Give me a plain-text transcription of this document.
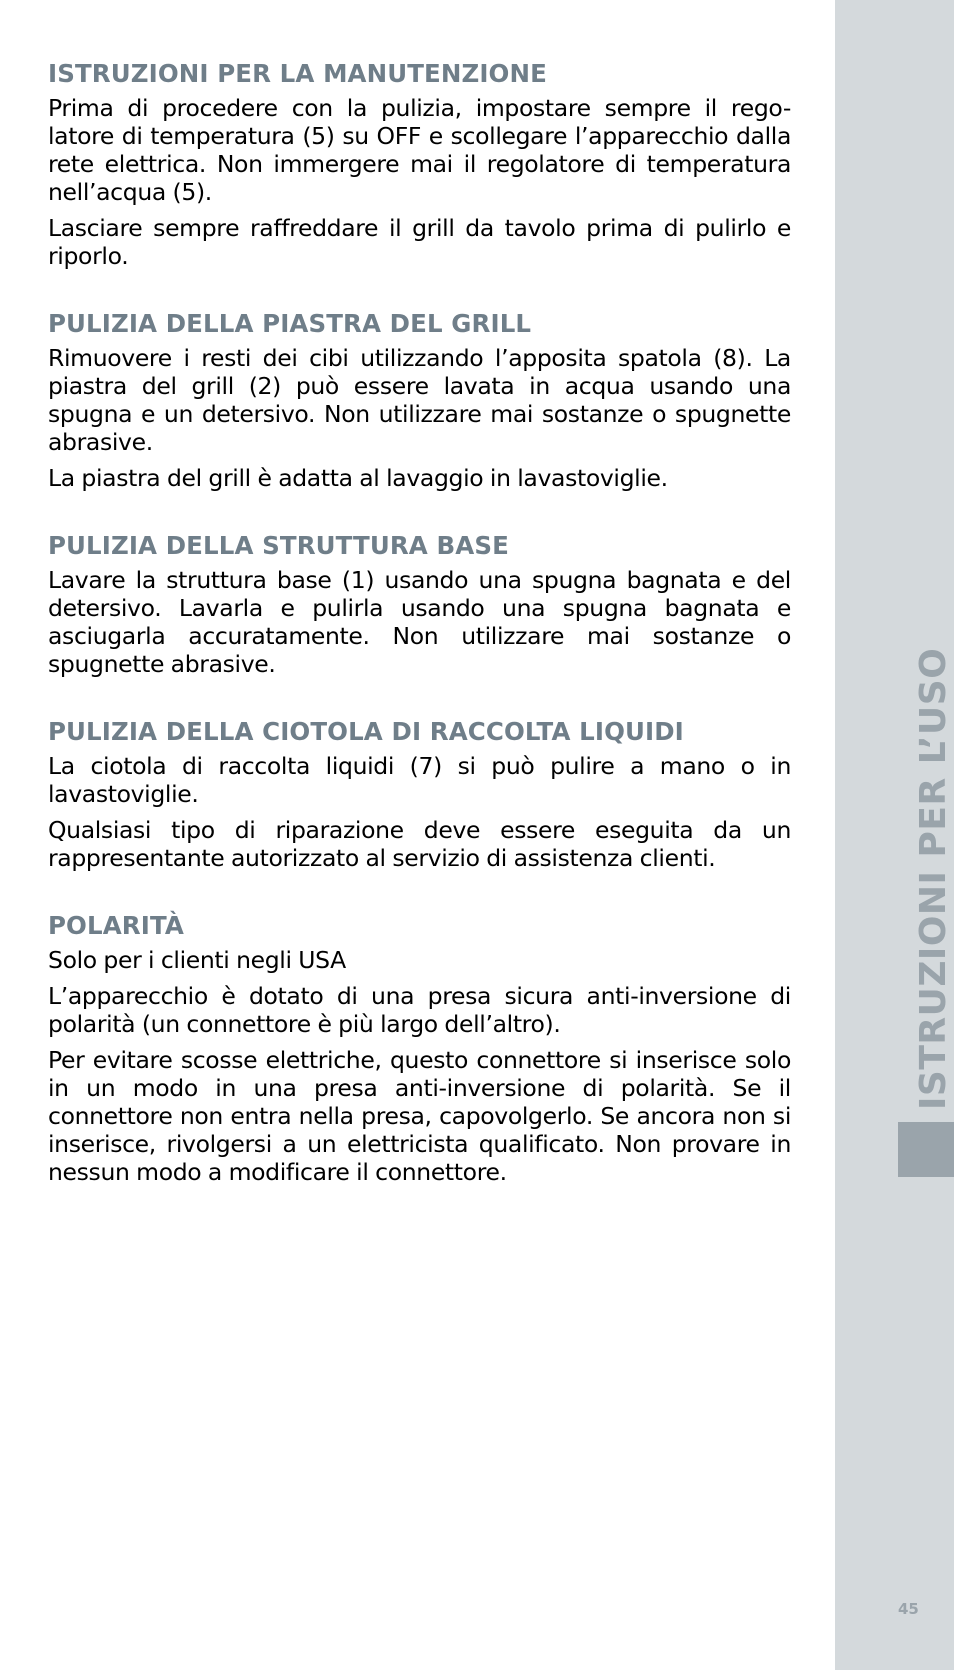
ISTRUZIONI PER LA MANUTENZIONE

Prima di procedere con la pulizia, impostare sempre il rego-latore di temperatura (5) su OFF e scollegare l’apparecchio dalla rete elettrica. Non immergere mai il regolatore di temperatura nell’acqua (5).

Lasciare sempre raffreddare il grill da tavolo prima di pulirlo e riporlo.

PULIZIA DELLA PIASTRA DEL GRILL

Rimuovere i resti dei cibi utilizzando l’apposita spatola (8). La piastra del grill (2) può essere lavata in acqua usando una spugna e un detersivo. Non utilizzare mai sostanze o spugnette abrasive.

La piastra del grill è adatta al lavaggio in lavastoviglie.

PULIZIA DELLA STRUTTURA BASE

Lavare la struttura base (1) usando una spugna bagnata e del detersivo. Lavarla e pulirla usando una spugna bagnata e asciugarla accuratamente. Non utilizzare mai sostanze o spugnette abrasive.

PULIZIA DELLA CIOTOLA DI RACCOLTA LIQUIDI

La ciotola di raccolta liquidi (7) si può pulire a mano o in lavastoviglie.

Qualsiasi tipo di riparazione deve essere eseguita da un rappresentante autorizzato al servizio di assistenza clienti.

POLARITÀ

Solo per i clienti negli USA

L’apparecchio è dotato di una presa sicura anti-inversione di polarità (un connettore è più largo dell’altro).

Per evitare scosse elettriche, questo connettore si inserisce solo in un modo in una presa anti-inversione di polarità. Se il connettore non entra nella presa, capovolgerlo. Se ancora non si inserisce, rivolgersi a un elettricista qualificato. Non provare in nessun modo a modificare il connettore.

ISTRUZIONI PER L’USO
45
